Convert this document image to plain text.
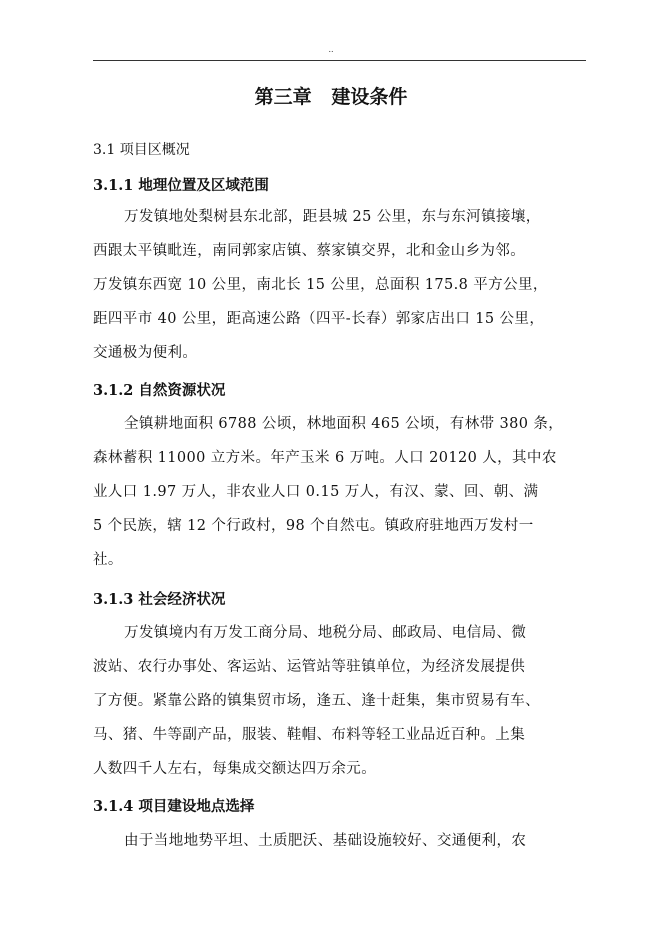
..
第三章   建设条件
3.1 项目区概况
3.1.1 地理位置及区域范围
万发镇地处梨树县东北部，距县城 25 公里，东与东河镇接壤，
西跟太平镇毗连，南同郭家店镇、蔡家镇交界，北和金山乡为邻。
万发镇东西宽 10 公里，南北长 15 公里，总面积 175.8 平方公里，
距四平市 40 公里，距高速公路（四平-长春）郭家店出口 15 公里，
交通极为便利。
3.1.2 自然资源状况
全镇耕地面积 6788 公顷，林地面积 465 公顷，有林带 380 条，
森林蓄积 11000 立方米。年产玉米 6 万吨。人口 20120 人，其中农
业人口 1.97 万人，非农业人口 0.15 万人，有汉、蒙、回、朝、满
5 个民族，辖 12 个行政村，98 个自然屯。镇政府驻地西万发村一
社。
3.1.3 社会经济状况
万发镇境内有万发工商分局、地税分局、邮政局、电信局、微
波站、农行办事处、客运站、运管站等驻镇单位，为经济发展提供
了方便。紧靠公路的镇集贸市场，逢五、逢十赶集，集市贸易有车、
马、猪、牛等副产品，服装、鞋帽、布料等轻工业品近百种。上集
人数四千人左右，每集成交额达四万余元。
3.1.4 项目建设地点选择
由于当地地势平坦、土质肥沃、基础设施较好、交通便利，农
